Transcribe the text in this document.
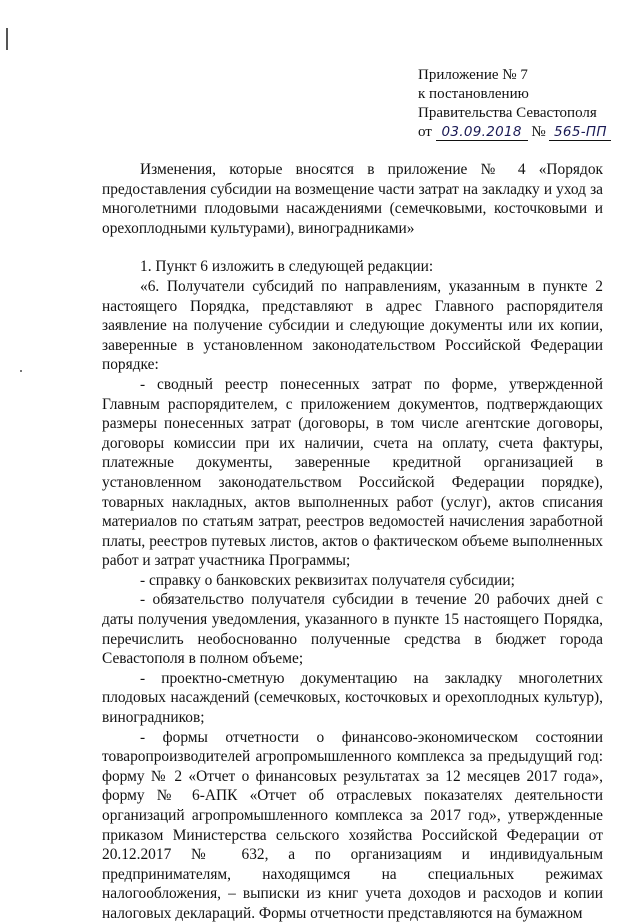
Приложение № 7
к постановлению
Правительства Севастополя
от 03.09.2018 № 565-ПП

Изменения, которые вносятся в приложение № 4 «Порядок предоставления субсидии на возмещение части затрат на закладку и уход за многолетними плодовыми насаждениями (семечковыми, косточковыми и орехоплодными культурами), виноградниками»

1. Пункт 6 изложить в следующей редакции:

«6. Получатели субсидий по направлениям, указанным в пункте 2 настоящего Порядка, представляют в адрес Главного распорядителя заявление на получение субсидии и следующие документы или их копии, заверенные в установленном законодательством Российской Федерации порядке:

- сводный реестр понесенных затрат по форме, утвержденной Главным распорядителем, с приложением документов, подтверждающих размеры понесенных затрат (договоры, в том числе агентские договоры, договоры комиссии при их наличии, счета на оплату, счета фактуры, платежные документы, заверенные кредитной организацией в установленном законодательством Российской Федерации порядке), товарных накладных, актов выполненных работ (услуг), актов списания материалов по статьям затрат, реестров ведомостей начисления заработной платы, реестров путевых листов, актов о фактическом объеме выполненных работ и затрат участника Программы;

- справку о банковских реквизитах получателя субсидии;

- обязательство получателя субсидии в течение 20 рабочих дней с даты получения уведомления, указанного в пункте 15 настоящего Порядка, перечислить необоснованно полученные средства в бюджет города Севастополя в полном объеме;

- проектно-сметную документацию на закладку многолетних плодовых насаждений (семечковых, косточковых и орехоплодных культур), виноградников;

- формы отчетности о финансово-экономическом состоянии товаропроизводителей агропромышленного комплекса за предыдущий год: форму № 2 «Отчет о финансовых результатах за 12 месяцев 2017 года», форму № 6-АПК «Отчет об отраслевых показателях деятельности организаций агропромышленного комплекса за 2017 год», утвержденные приказом Министерства сельского хозяйства Российской Федерации от 20.12.2017 № 632, а по организациям и индивидуальным предпринимателям, находящимся на специальных режимах налогообложения, – выписки из книг учета доходов и расходов и копии налоговых деклараций. Формы отчетности представляются на бумажном
